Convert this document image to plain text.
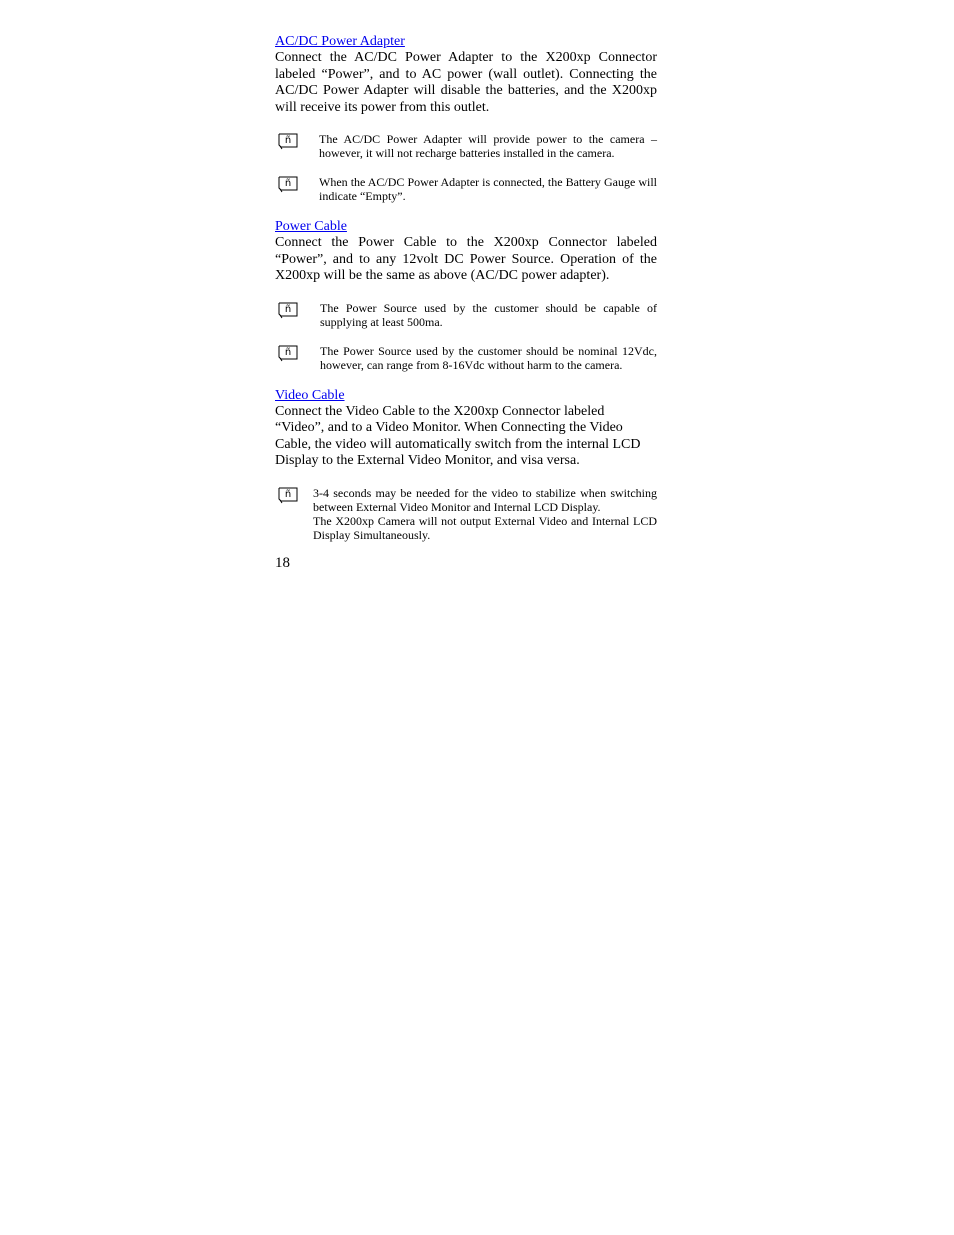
AC/DC Power Adapter

Connect the AC/DC Power Adapter to the X200xp Connector labeled “Power”, and to AC power (wall outlet). Connecting the AC/DC Power Adapter will disable the batteries, and the X200xp will receive its power from this outlet.

ñ The AC/DC Power Adapter will provide power to the camera – however, it will not recharge batteries installed in the camera.

ñ When the AC/DC Power Adapter is connected, the Battery Gauge will indicate “Empty”.

Power Cable

Connect the Power Cable to the X200xp Connector labeled “Power”, and to any 12volt DC Power Source. Operation of the X200xp will be the same as above (AC/DC power adapter).

ñ The Power Source used by the customer should be capable of supplying at least 500ma.

ñ The Power Source used by the customer should be nominal 12Vdc, however, can range from 8-16Vdc without harm to the camera.

Video Cable

Connect the Video Cable to the X200xp Connector labeled “Video”, and to a Video Monitor. When Connecting the Video Cable, the video will automatically switch from the internal LCD Display to the External Video Monitor, and visa versa.

ñ 3-4 seconds may be needed for the video to stabilize when switching between External Video Monitor and Internal LCD Display.

The X200xp Camera will not output External Video and Internal LCD Display Simultaneously.

18
